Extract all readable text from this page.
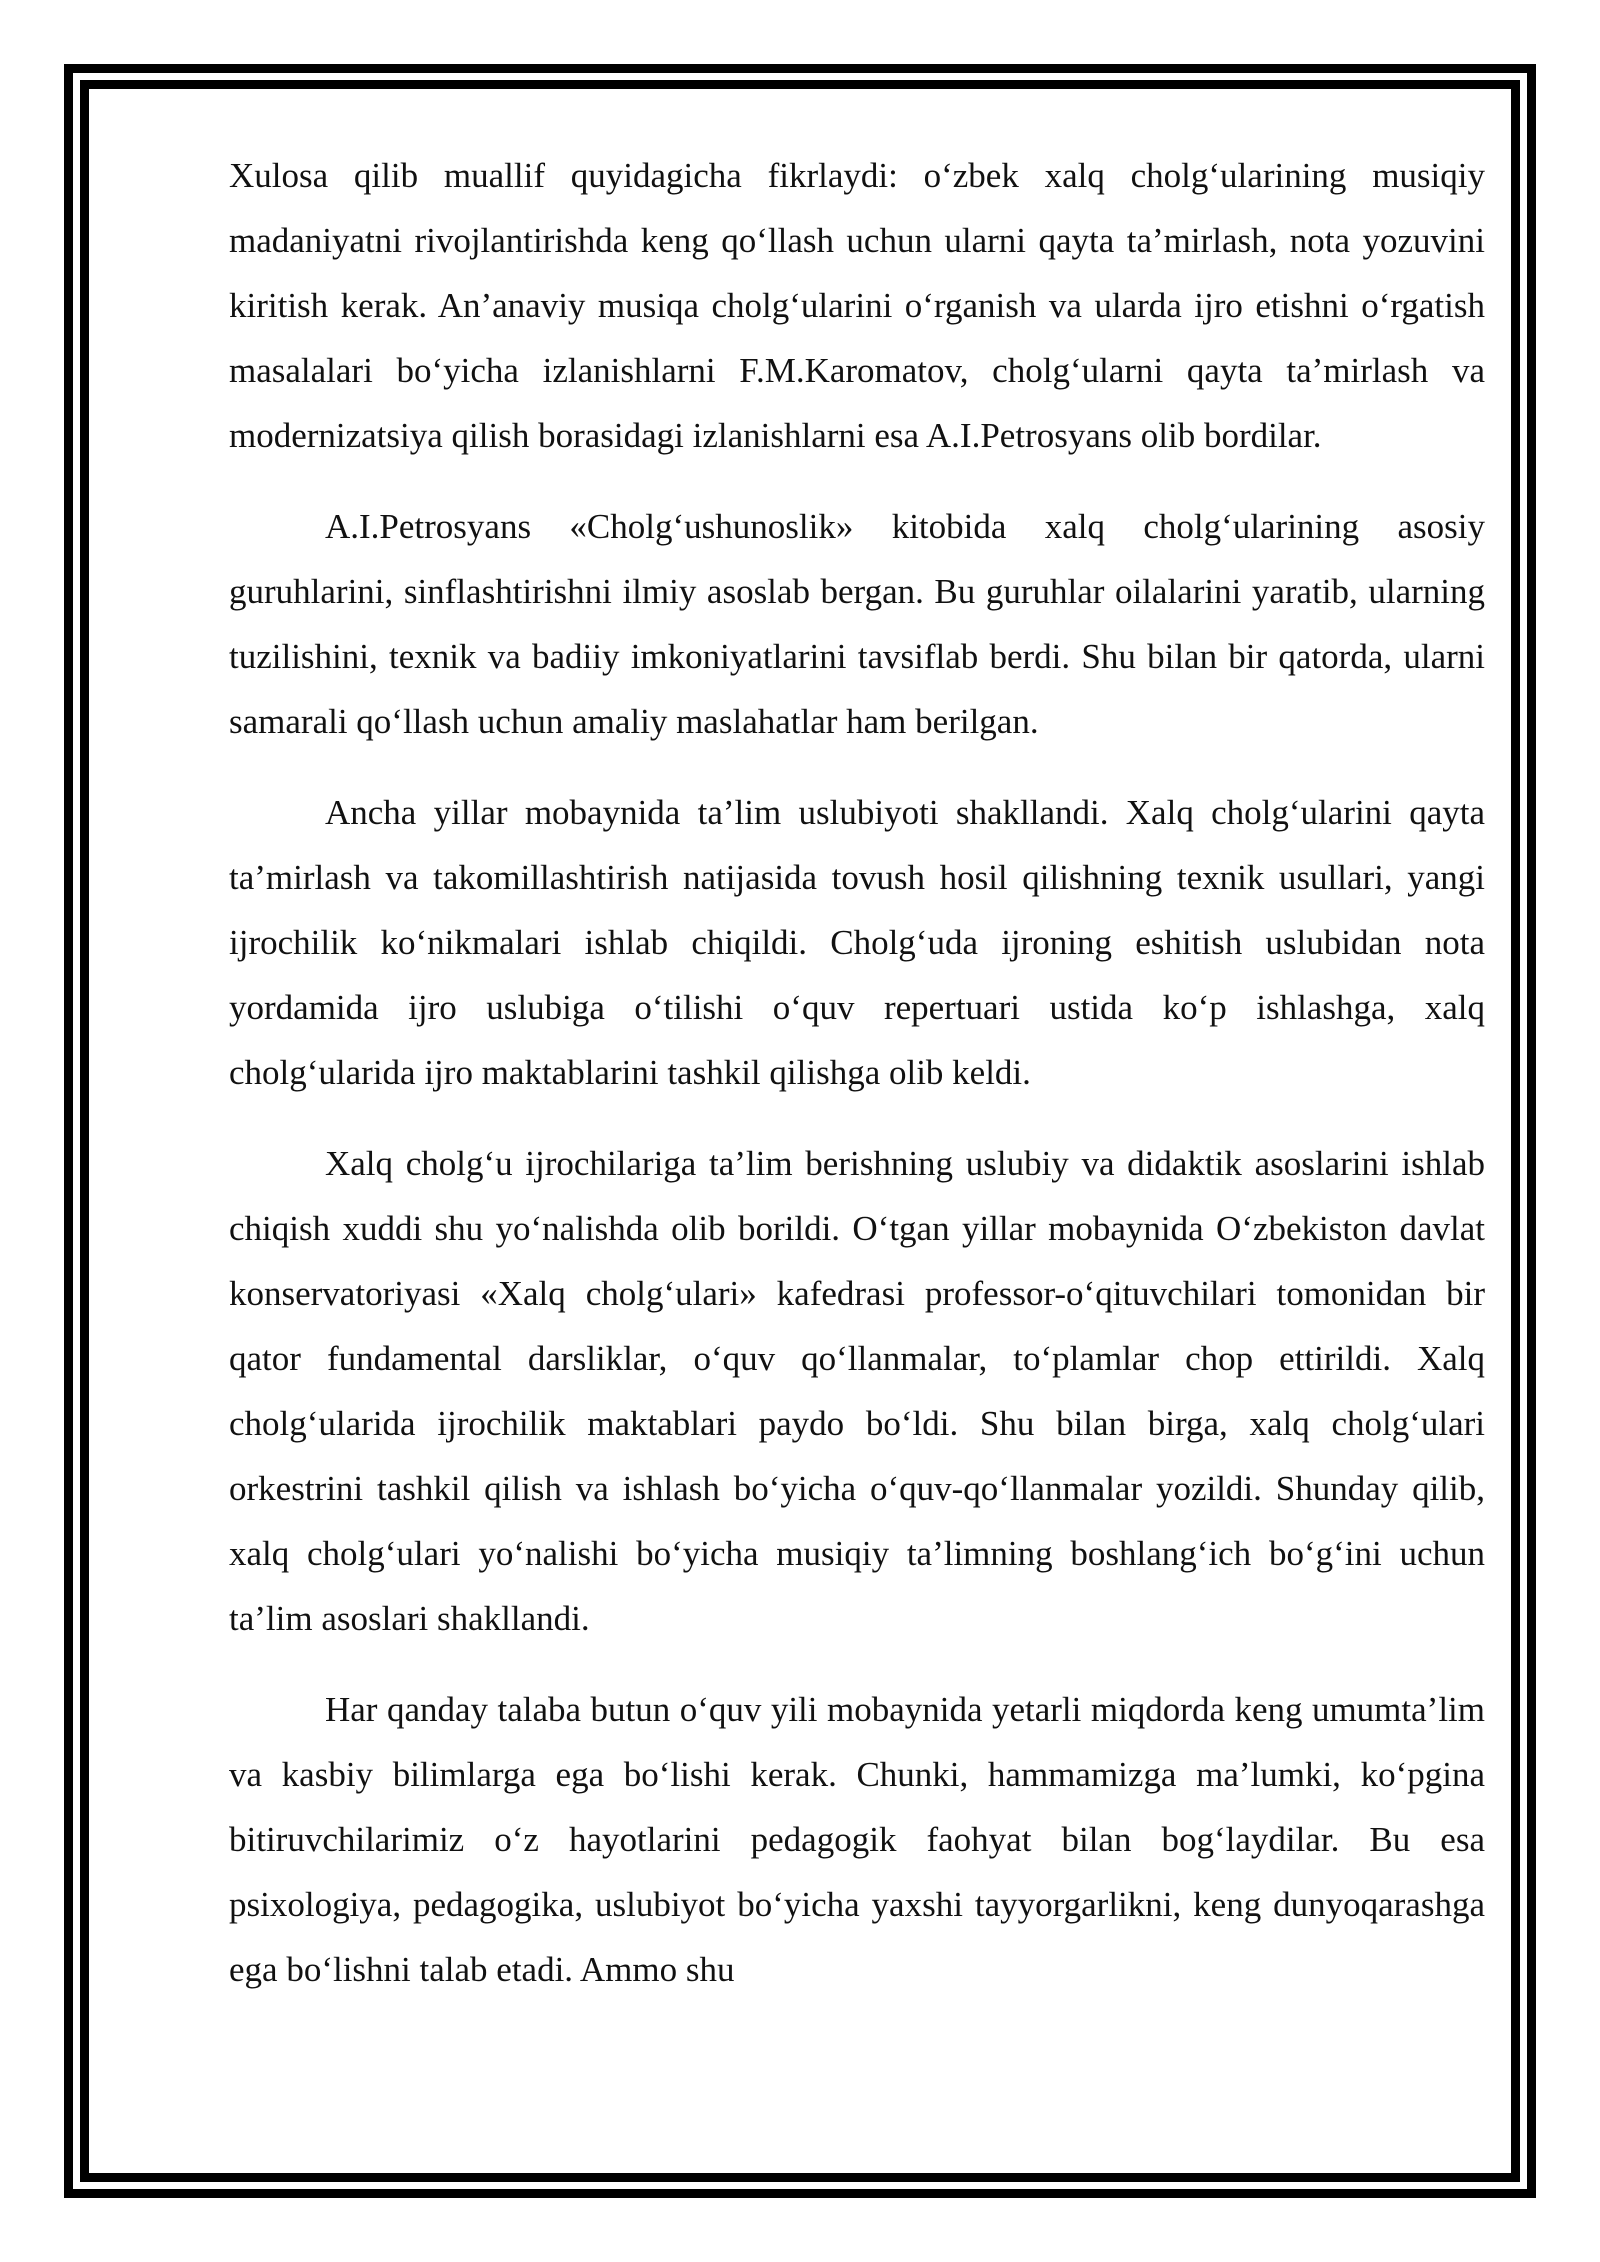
Xulosa qilib muallif quyidagicha fikrlaydi: o‘zbek xalq cholg‘ularining musiqiy madaniyatni rivojlantirishda keng qo‘llash uchun ularni qayta ta’mirlash, nota yozuvini kiritish kerak. An’anaviy musiqa cholg‘ularini o‘rganish va ularda ijro etishni o‘rgatish masalalari bo‘yicha izlanishlarni F.M.Karomatov, cholg‘ularni qayta ta’mirlash va modernizatsiya qilish borasidagi izlanishlarni esa A.I.Petrosyans olib bordilar.

A.I.Petrosyans «Cholg‘ushunoslik» kitobida xalq cholg‘ularining asosiy guruhlarini, sinflashtirishni ilmiy asoslab bergan. Bu guruhlar oilalarini yaratib, ularning tuzilishini, texnik va badiiy imkoniyatlarini tavsiflab berdi. Shu bilan bir qatorda, ularni samarali qo‘llash uchun amaliy maslahatlar ham berilgan.

Ancha yillar mobaynida ta’lim uslubiyoti shakllandi. Xalq cholg‘ularini qayta ta’mirlash va takomillashtirish natijasida tovush hosil qilishning texnik usullari, yangi ijrochilik ko‘nikmalari ishlab chiqildi. Cholg‘uda ijroning eshitish uslubidan nota yordamida ijro uslubiga o‘tilishi o‘quv repertuari ustida ko‘p ishlashga, xalq cholg‘ularida ijro maktablarini tashkil qilishga olib keldi.

Xalq cholg‘u ijrochilariga ta’lim berishning uslubiy va didaktik asoslarini ishlab chiqish xuddi shu yo‘nalishda olib borildi. O‘tgan yillar mobaynida O‘zbekiston davlat konservatoriyasi «Xalq cholg‘ulari» kafedrasi professor-o‘qituvchilari tomonidan bir qator fundamental darsliklar, o‘quv qo‘llanmalar, to‘plamlar chop ettirildi. Xalq cholg‘ularida ijrochilik maktablari paydo bo‘ldi. Shu bilan birga, xalq cholg‘ulari orkestrini tashkil qilish va ishlash bo‘yicha o‘quv-qo‘llanmalar yozildi. Shunday qilib, xalq cholg‘ulari yo‘nalishi bo‘yicha musiqiy ta’limning boshlang‘ich bo‘g‘ini uchun ta’lim asoslari shakllandi.

Har qanday talaba butun o‘quv yili mobaynida yetarli miqdorda keng umumta’lim va kasbiy bilimlarga ega bo‘lishi kerak. Chunki, hammamizga ma’lumki, ko‘pgina bitiruvchilarimiz o‘z hayotlarini pedagogik faohyat bilan bog‘laydilar. Bu esa psixologiya, pedagogika, uslubiyot bo‘yicha yaxshi tayyorgarlikni, keng dunyoqarashga ega bo‘lishni talab etadi. Ammo shu
